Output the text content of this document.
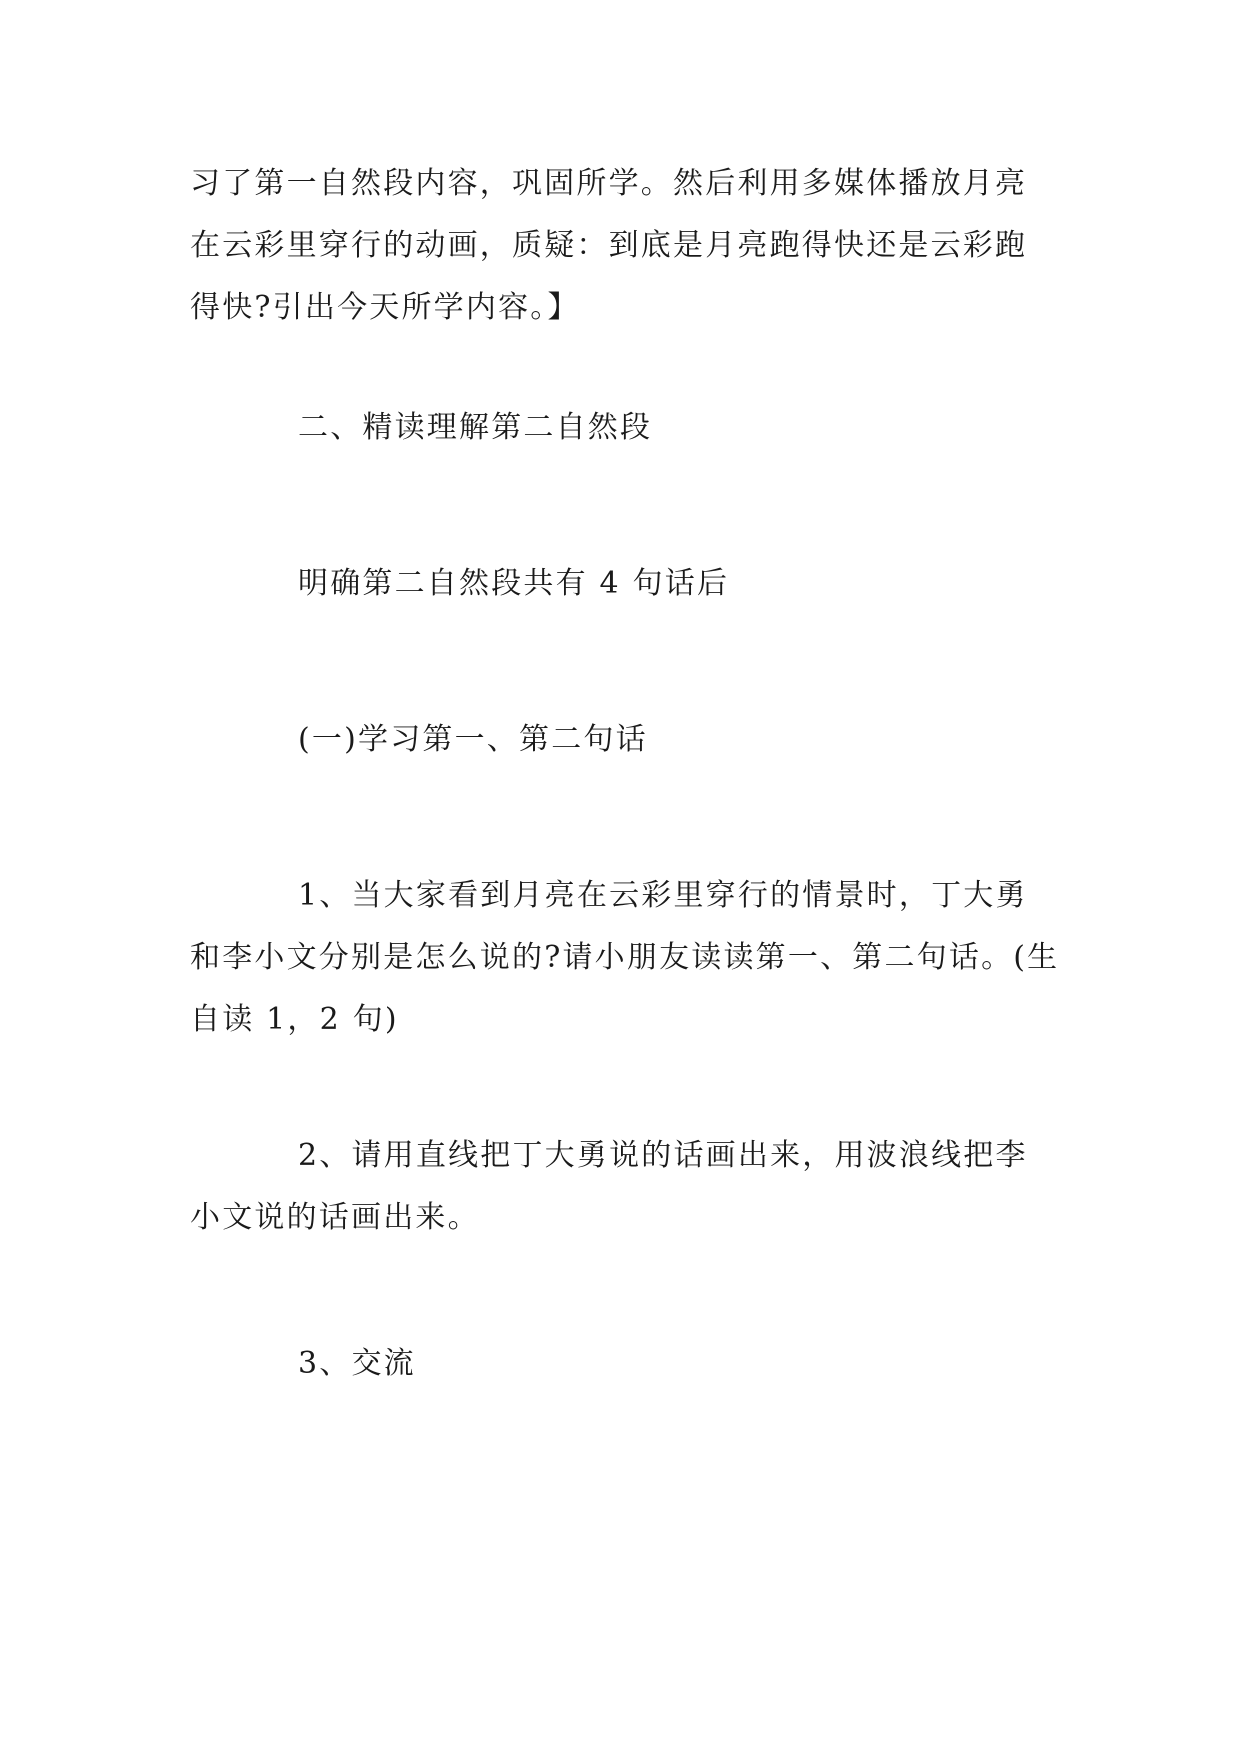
习了第一自然段内容，巩固所学。然后利用多媒体播放月亮
在云彩里穿行的动画，质疑：到底是月亮跑得快还是云彩跑
得快?引出今天所学内容。】
二、精读理解第二自然段
明确第二自然段共有 4 句话后
(一)学习第一、第二句话
1、当大家看到月亮在云彩里穿行的情景时，丁大勇
和李小文分别是怎么说的?请小朋友读读第一、第二句话。(生
自读 1，2 句)
2、请用直线把丁大勇说的话画出来，用波浪线把李
小文说的话画出来。
3、交流
